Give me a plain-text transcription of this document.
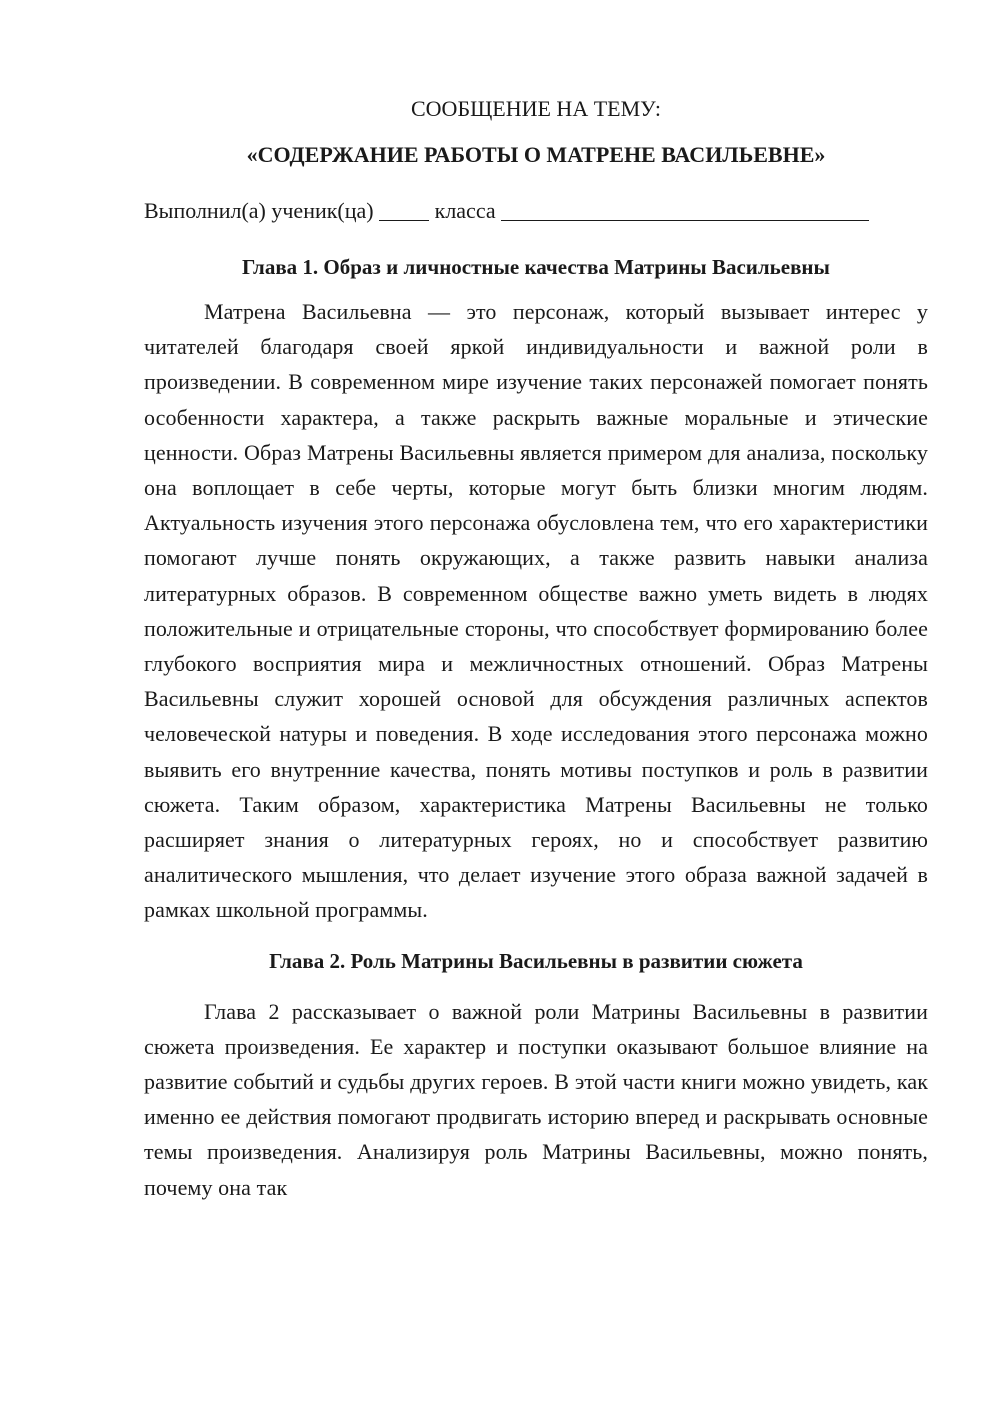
СООБЩЕНИЕ НА ТЕМУ:

«СОДЕРЖАНИЕ РАБОТЫ О МАТРЕНЕ ВАСИЛЬЕВНЕ»

Выполнил(а) ученик(ца)	класса

Глава 1. Образ и личностные качества Матрины Васильевны

Матрена Васильевна — это персонаж, который вызывает интерес у читателей благодаря своей яркой индивидуальности и важной роли в произведении. В современном мире изучение таких персонажей помогает понять особенности характера, а также раскрыть важные моральные и этические ценности. Образ Матрены Васильевны является примером для анализа, поскольку она воплощает в себе черты, которые могут быть близки многим людям. Актуальность изучения этого персонажа обусловлена тем, что его характеристики помогают лучше понять окружающих, а также развить навыки анализа литературных образов. В современном обществе важно уметь видеть в людях положительные и отрицательные стороны, что способствует формированию более глубокого восприятия мира и межличностных отношений. Образ Матрены Васильевны служит хорошей основой для обсуждения различных аспектов человеческой натуры и поведения. В ходе исследования этого персонажа можно выявить его внутренние качества, понять мотивы поступков и роль в развитии сюжета. Таким образом, характеристика Матрены Васильевны не только расширяет знания о литературных героях, но и способствует развитию аналитического мышления, что делает изучение этого образа важной задачей в рамках школьной программы.

Глава 2. Роль Матрины Васильевны в развитии сюжета

Глава 2 рассказывает о важной роли Матрины Васильевны в развитии сюжета произведения. Ее характер и поступки оказывают большое влияние на развитие событий и судьбы других героев. В этой части книги можно увидеть, как именно ее действия помогают продвигать историю вперед и раскрывать основные темы произведения. Анализируя роль Матрины Васильевны, можно понять, почему она так
